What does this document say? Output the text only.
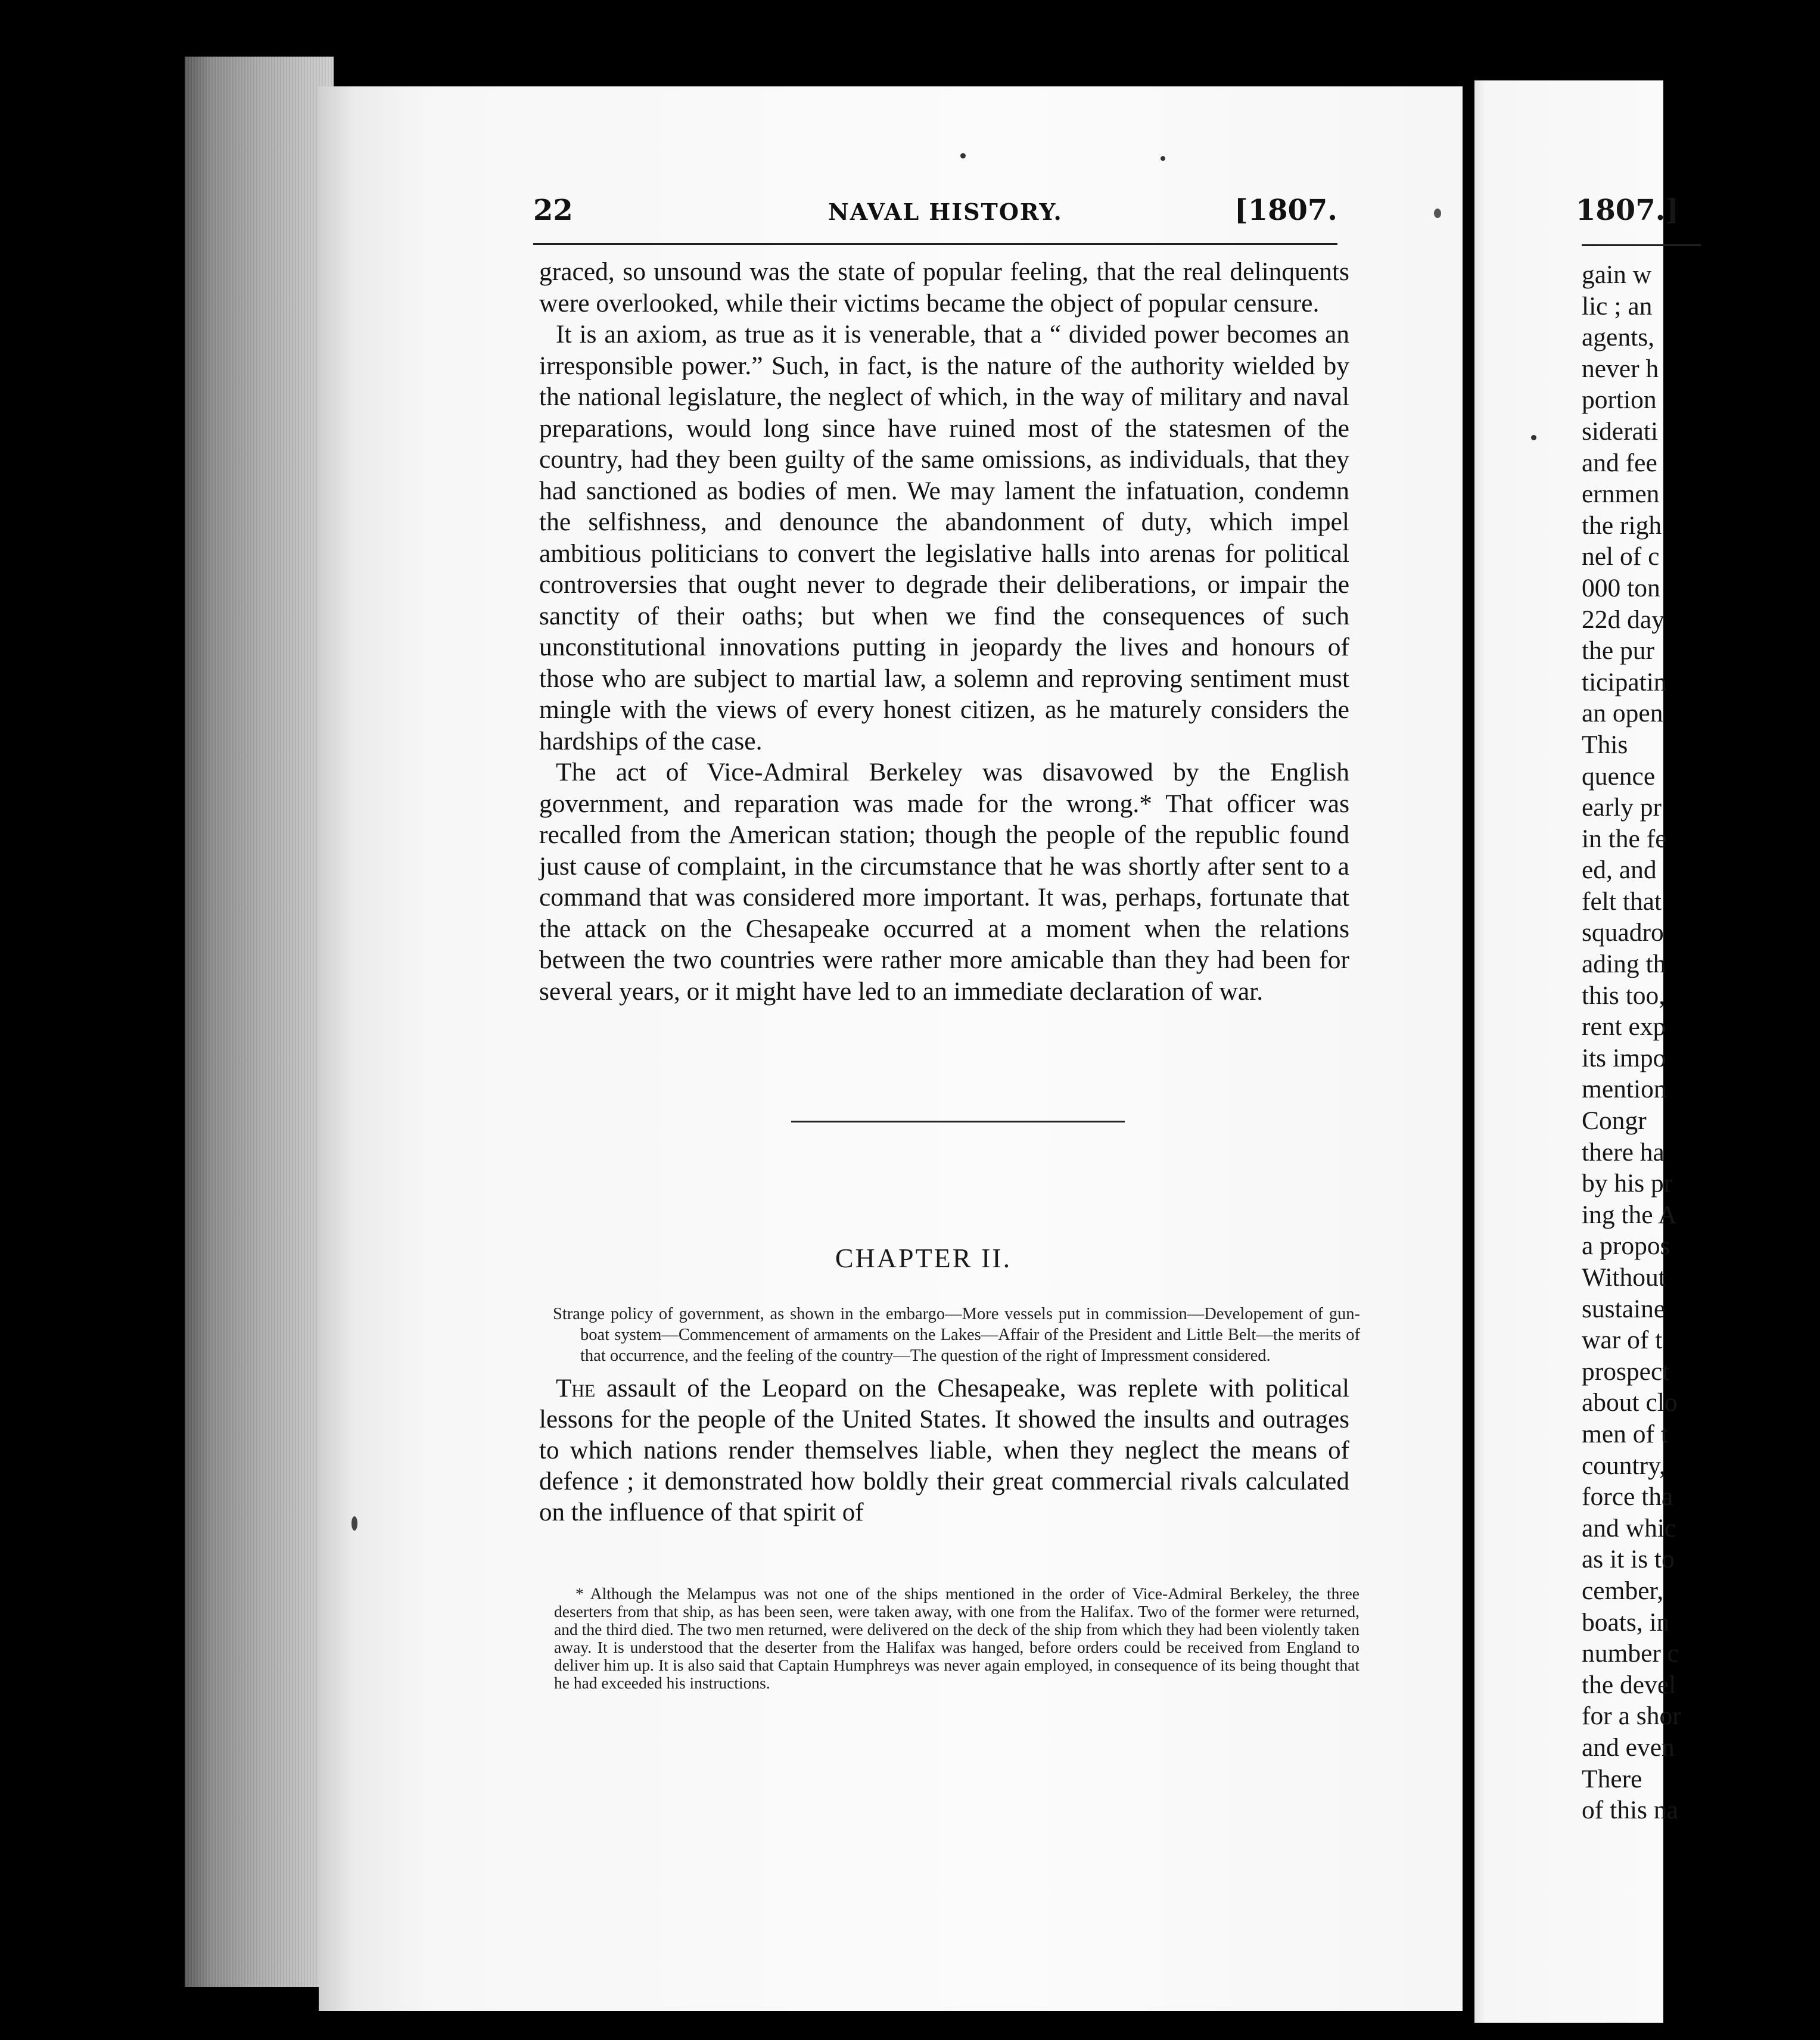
22	NAVAL HISTORY.	[1807.

graced, so unsound was the state of popular feeling, that the real delinquents were overlooked, while their victims became the object of popular censure.

It is an axiom, as true as it is venerable, that a “ divided power becomes an irresponsible power.” Such, in fact, is the nature of the authority wielded by the national legislature, the neglect of which, in the way of military and naval preparations, would long since have ruined most of the statesmen of the country, had they been guilty of the same omissions, as individuals, that they had sanctioned as bodies of men. We may lament the infatuation, condemn the selfishness, and denounce the abandonment of duty, which impel ambitious politicians to convert the legislative halls into arenas for political controversies that ought never to degrade their deliberations, or impair the sanctity of their oaths; but when we find the consequences of such unconstitutional innovations putting in jeopardy the lives and honours of those who are subject to martial law, a solemn and reproving sentiment must mingle with the views of every honest citizen, as he maturely considers the hardships of the case.

The act of Vice-Admiral Berkeley was disavowed by the English government, and reparation was made for the wrong.* That officer was recalled from the American station; though the people of the republic found just cause of complaint, in the circumstance that he was shortly after sent to a command that was considered more important. It was, perhaps, fortunate that the attack on the Chesapeake occurred at a moment when the relations between the two countries were rather more amicable than they had been for several years, or it might have led to an immediate declaration of war.

CHAPTER II.
Strange policy of government, as shown in the embargo—More vessels put in commission—Developement of gun-boat system—Commencement of armaments on the Lakes—Affair of the President and Little Belt—the merits of that occurrence, and the feeling of the country—The question of the right of Impressment considered.

The assault of the Leopard on the Chesapeake, was replete with political lessons for the people of the United States. It showed the insults and outrages to which nations render themselves liable, when they neglect the means of defence ; it demonstrated how boldly their great commercial rivals calculated on the influence of that spirit of

* Although the Melampus was not one of the ships mentioned in the order of Vice-Admiral Berkeley, the three deserters from that ship, as has been seen, were taken away, with one from the Halifax. Two of the former were returned, and the third died. The two men returned, were delivered on the deck of the ship from which they had been violently taken away. It is understood that the deserter from the Halifax was hanged, before orders could be received from England to deliver him up. It is also said that Captain Humphreys was never again employed, in consequence of its being thought that he had exceeded his instructions.

1807.]
gain w
lic ; an
agents,
never h
portion
siderati
and fee
ernmen
the righ
nel of c
000 ton
22d day
the pur
ticipatin
an open
This
quence
early pr
in the fe
ed, and
felt that
squadro
ading th
this too,
rent exp
its impo
mention
Congr
there ha
by his pr
ing the A
a propos
Without
sustaine
war of t
prospect
about clo
men of t
country,
force tha
and whic
as it is to
cember,
boats, in
number c
the devel
for a shor
and even
There
of this na
